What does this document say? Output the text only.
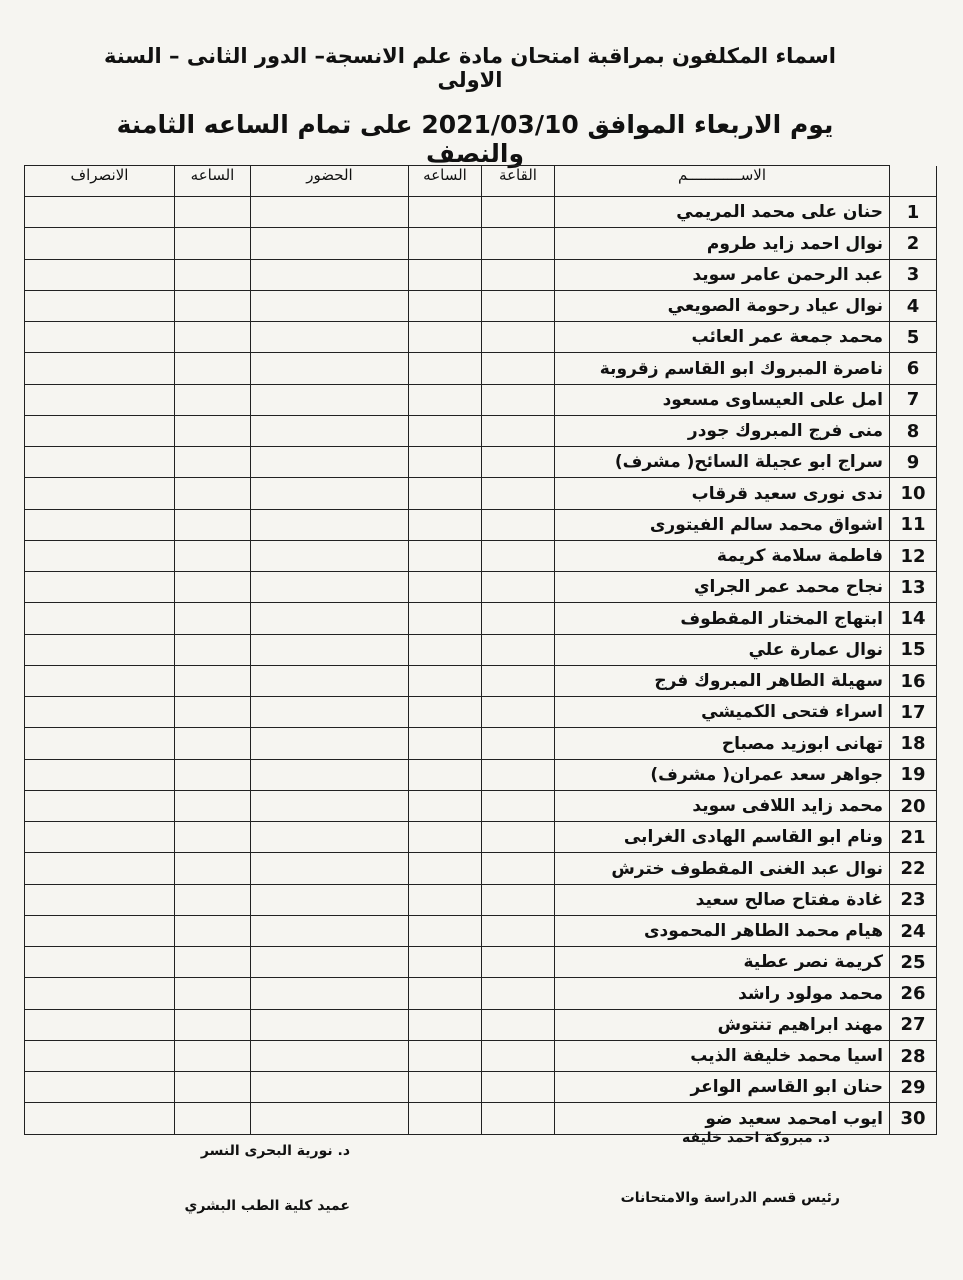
اسماء المكلفون بمراقبة امتحان مادة علم الانسجة– الدور الثانى – السنة الاولى
يوم الاربعاء الموافق 2021/03/10 على تمام الساعه الثامنة والنصف
	الاســــــــــــم	القاعة	الساعه	الحضور	الساعه	الانصراف
1	حنان على محمد المريمي					
2	نوال احمد زايد طروم					
3	عبد الرحمن عامر سويد					
4	نوال عياد رحومة الصويعي					
5	محمد جمعة عمر العائب					
6	ناصرة المبروك ابو القاسم زقروبة					
7	امل على العيساوى مسعود					
8	منى فرج المبروك جودر					
9	سراج ابو عجيلة السائح( مشرف)					
10	ندى نورى سعيد قرقاب					
11	اشواق محمد سالم الفيتورى					
12	فاطمة سلامة كريمة					
13	نجاح محمد عمر الجراي					
14	ابتهاج المختار المقطوف					
15	نوال عمارة علي					
16	سهيلة الطاهر المبروك فرج					
17	اسراء فتحى الكميشي					
18	تهانى ابوزيد مصباح					
19	جواهر سعد عمران( مشرف)					
20	محمد زايد اللافى سويد					
21	ونام ابو القاسم الهادى الغرابى					
22	نوال عبد الغنى المقطوف خترش					
23	غادة مفتاح صالح سعيد					
24	هيام محمد الطاهر المحمودى					
25	كريمة نصر عطية					
26	محمد مولود راشد					
27	مهند ابراهيم تنتوش					
28	اسيا محمد خليفة الذيب					
29	حنان ابو القاسم الواعر					
30	ايوب امحمد سعيد ضو					
د. مبروكة احمد خليفه
رئيس قسم الدراسة والامتحانات
د. نورية البحرى النسر
عميد كلية الطب البشري
